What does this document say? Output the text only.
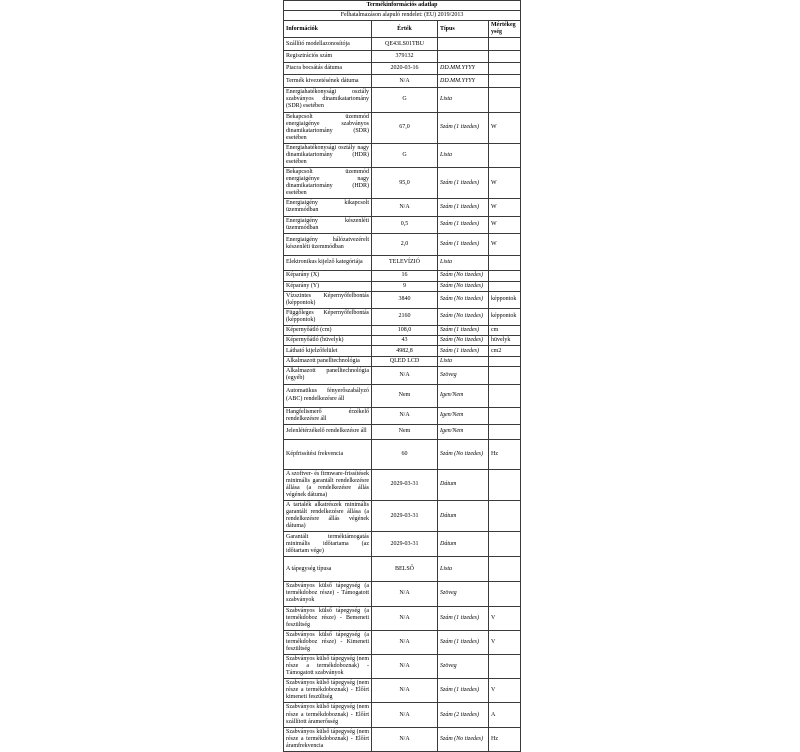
Termékinformációs adatlap			
Felhatalmazáson alapuló rendelet: (EU) 2019/2013			
Információk	Érték	Típus	Mértékegység
Szállító modellazonosítója	QE43LS01TBU		
Regisztrációs szám	379132		
Piacra bocsátás dátuma	2020-03-16	DD.MM.YYYY	
Termék kivezetésének dátuma	N/A	DD.MM.YYYY	
Energiahatékonysági osztály szabványos dinamikatartomány (SDR) esetében	G	Lista	
Bekapcsolt üzemmód energiaigénye szabványos dinamikatartomány (SDR) esetében	67,0	Szám (1 tizedes)	W
Energiahatékonysági osztály nagy dinamikatartomány (HDR) esetében	G	Lista	
Bekapcsolt üzemmód energiaigénye nagy dinamikatartomány (HDR) esetében	95,0	Szám (1 tizedes)	W
Energiaigény kikapcsolt üzemmódban	N/A	Szám (1 tizedes)	W
Energiaigény készenléti üzemmódban	0,5	Szám (1 tizedes)	W
Energiaigény hálózatvezérelt készenléti üzemmódban	2,0	Szám (1 tizedes)	W
Elektronikus kijelző kategóriája	TELEVÍZIÓ	Lista	
Képarány (X)	16	Szám (No tizedes)	
Képarány (Y)	9	Szám (No tizedes)	
Vízszintes Képernyőfelbontás (képpontok)	3840	Szám (No tizedes)	képpontok
Függőleges Képernyőfelbontás (képpontok)	2160	Szám (No tizedes)	képpontok
Képernyőátló (cm)	108,0	Szám (1 tizedes)	cm
Képernyőátló (hüvelyk)	43	Szám (No tizedes)	hüvelyk
Látható kijelzőfelület	4982,8	Szám (1 tizedes)	cm2
Alkalmazott panelltechnológia	QLED LCD	Lista	
Alkalmazott panelltechnológia (egyéb)	N/A	Szöveg	
Automatikus fényerőszabályzó (ABC) rendelkezésre áll	Nem	Igen/Nem	
Hangfelismerő érzékelő rendelkezésre áll	N/A	Igen/Nem	
Jelenlétérzékelő rendelkezésre áll	Nem	Igen/Nem	
Képfrissítési frekvencia	60	Szám (No tizedes)	Hz
A szoftver- és firmware-frissítések minimális garantált rendelkezésre állása (a rendelkezésre állás végének dátuma)	2029-03-31	Dátum	
A tartalék alkatrészek minimális garantált rendelkezésre állása (a rendelkezésre állás végének dátuma)	2029-03-31	Dátum	
Garantált terméktámogatás minimális időtartama (az időtartam vége)	2029-03-31	Dátum	
A tápegység típusa	BELSŐ	Lista	
Szabványos külső tápegység (a termékdoboz része) - Támogatott szabványok	N/A	Szöveg	
Szabványos külső tápegység (a termékdoboz része) - Bemeneti feszültség	N/A	Szám (1 tizedes)	V
Szabványos külső tápegység (a termékdoboz része) - Kimeneti feszültség	N/A	Szám (1 tizedes)	V
Szabványos külső tápegység (nem része a termékdoboznak) - Támogatott szabványok	N/A	Szöveg	
Szabványos külső tápegység (nem része a termékdoboznak) - Előírt kimeneti feszültség	N/A	Szám (1 tizedes)	V
Szabványos külső tápegység (nem része a termékdoboznak) - Előírt szállított áramerősség	N/A	Szám (2 tizedes)	A
Szabványos külső tápegység (nem része a termékdoboznak) - Előírt áramfrekvencia	N/A	Szám (No tizedes)	Hz
